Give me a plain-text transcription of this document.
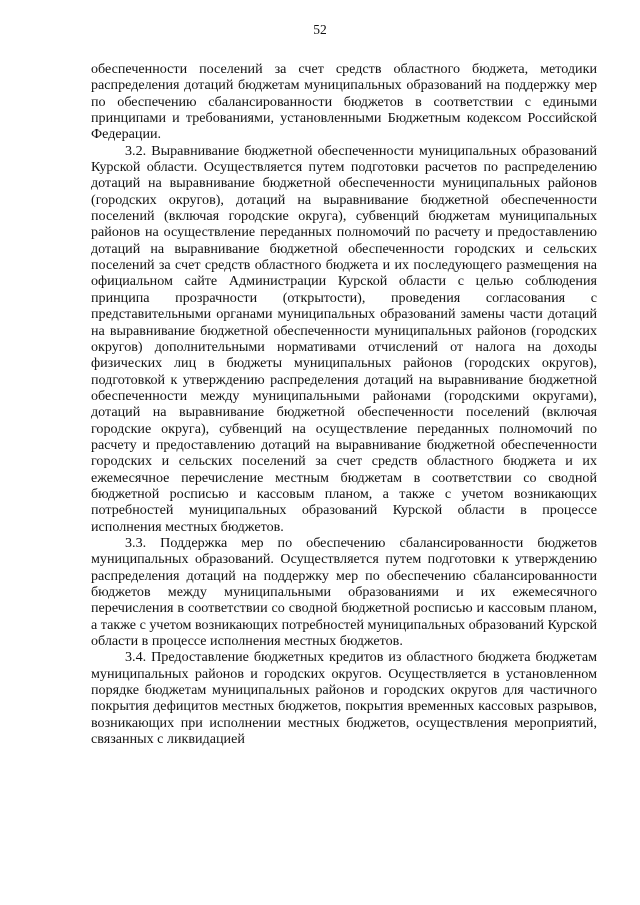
52

обеспеченности поселений за счет средств областного бюджета, методики распределения дотаций бюджетам муниципальных образований на поддержку мер по обеспечению сбалансированности бюджетов в соответствии с едиными принципами и требованиями, установленными Бюджетным кодексом Российской Федерации.

3.2. Выравнивание бюджетной обеспеченности муниципальных образований Курской области. Осуществляется путем подготовки расчетов по распределению дотаций на выравнивание бюджетной обеспеченности муниципальных районов (городских округов), дотаций на выравнивание бюджетной обеспеченности поселений (включая городские округа), субвенций бюджетам муниципальных районов на осуществление переданных полномочий по расчету и предоставлению дотаций на выравнивание бюджетной обеспеченности городских и сельских поселений за счет средств областного бюджета и их последующего размещения на официальном сайте Администрации Курской области с целью соблюдения принципа прозрачности (открытости), проведения согласования с представительными органами муниципальных образований замены части дотаций на выравнивание бюджетной обеспеченности муниципальных районов (городских округов) дополнительными нормативами отчислений от налога на доходы физических лиц в бюджеты муниципальных районов (городских округов), подготовкой к утверждению распределения дотаций на выравнивание бюджетной обеспеченности между муниципальными районами (городскими округами), дотаций на выравнивание бюджетной обеспеченности поселений (включая городские округа), субвенций на осуществление переданных полномочий по расчету и предоставлению дотаций на выравнивание бюджетной обеспеченности городских и сельских поселений за счет средств областного бюджета и их ежемесячное перечисление местным бюджетам в соответствии со сводной бюджетной росписью и кассовым планом, а также с учетом возникающих потребностей муниципальных образований Курской области в процессе исполнения местных бюджетов.

3.3. Поддержка мер по обеспечению сбалансированности бюджетов муниципальных образований. Осуществляется путем подготовки к утверждению распределения дотаций на поддержку мер по обеспечению сбалансированности бюджетов между муниципальными образованиями и их ежемесячного перечисления в соответствии со сводной бюджетной росписью и кассовым планом, а также с учетом возникающих потребностей муниципальных образований Курской области в процессе исполнения местных бюджетов.

3.4. Предоставление бюджетных кредитов из областного бюджета бюджетам муниципальных районов и городских округов. Осуществляется в установленном порядке бюджетам муниципальных районов и городских округов для частичного покрытия дефицитов местных бюджетов, покрытия временных кассовых разрывов, возникающих при исполнении местных бюджетов, осуществления мероприятий, связанных с ликвидацией
